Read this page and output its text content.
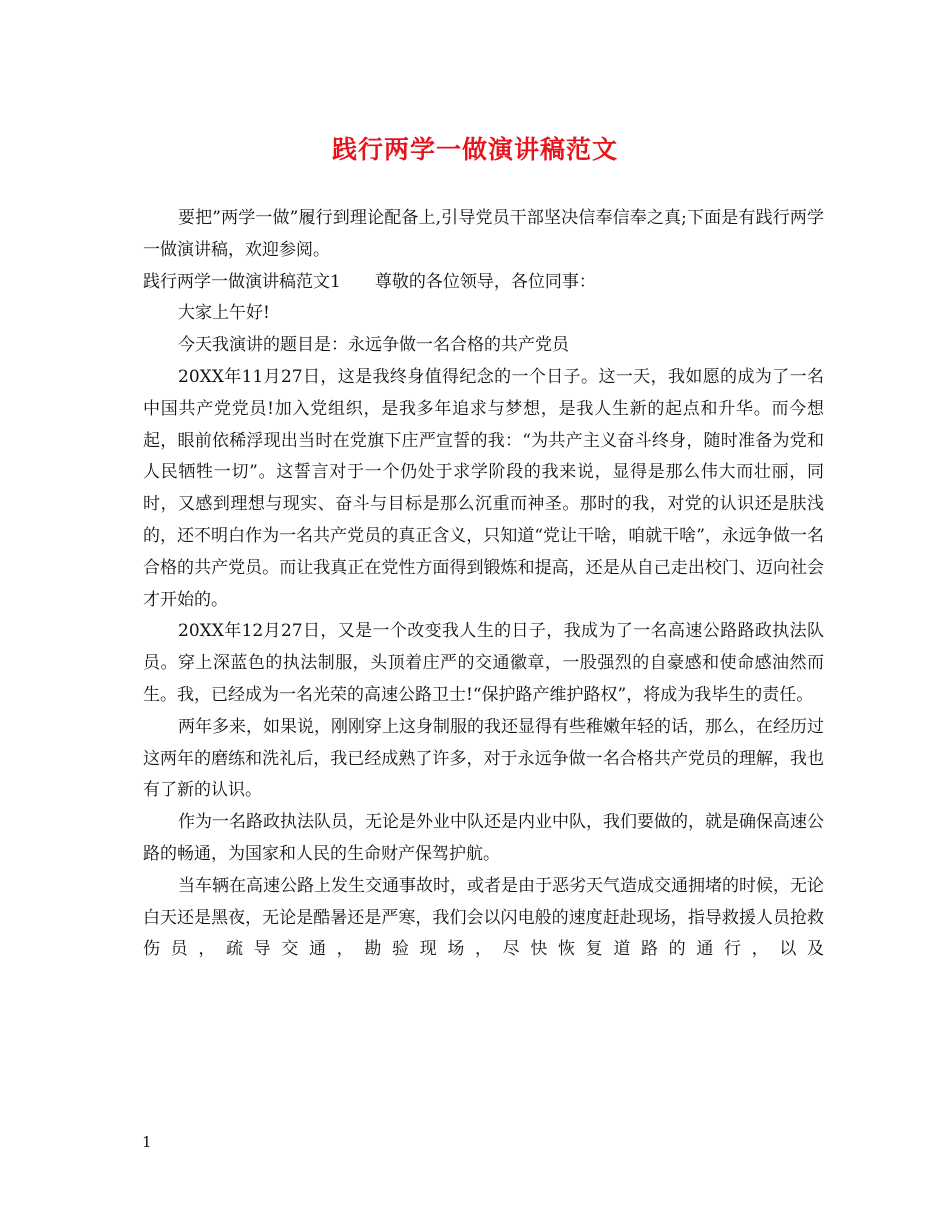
践行两学一做演讲稿范文

要把”两学一做”履行到理论配备上,引导党员干部坚决信奉信奉之真;下面是有践行两学一做演讲稿，欢迎参阅。

践行两学一做演讲稿范文1　　尊敬的各位领导，各位同事：

大家上午好!

今天我演讲的题目是：永远争做一名合格的共产党员

20XX年11月27日，这是我终身值得纪念的一个日子。这一天，我如愿的成为了一名中国共产党党员!加入党组织，是我多年追求与梦想，是我人生新的起点和升华。而今想起，眼前依稀浮现出当时在党旗下庄严宣誓的我：“为共产主义奋斗终身，随时准备为党和人民牺牲一切”。这誓言对于一个仍处于求学阶段的我来说，显得是那么伟大而壮丽，同时，又感到理想与现实、奋斗与目标是那么沉重而神圣。那时的我，对党的认识还是肤浅的，还不明白作为一名共产党员的真正含义，只知道“党让干啥，咱就干啥”，永远争做一名合格的共产党员。而让我真正在党性方面得到锻炼和提高，还是从自己走出校门、迈向社会才开始的。

20XX年12月27日，又是一个改变我人生的日子，我成为了一名高速公路路政执法队员。穿上深蓝色的执法制服，头顶着庄严的交通徽章，一股强烈的自豪感和使命感油然而生。我，已经成为一名光荣的高速公路卫士!“保护路产维护路权”，将成为我毕生的责任。

两年多来，如果说，刚刚穿上这身制服的我还显得有些稚嫩年轻的话，那么，在经历过这两年的磨练和洗礼后，我已经成熟了许多，对于永远争做一名合格共产党员的理解，我也有了新的认识。

作为一名路政执法队员，无论是外业中队还是内业中队，我们要做的，就是确保高速公路的畅通，为国家和人民的生命财产保驾护航。

当车辆在高速公路上发生交通事故时，或者是由于恶劣天气造成交通拥堵的时候，无论白天还是黑夜，无论是酷暑还是严寒，我们会以闪电般的速度赶赴现场，指导救援人员抢救伤员，疏导交通，勘验现场，尽快恢复道路的通行，以及

1
